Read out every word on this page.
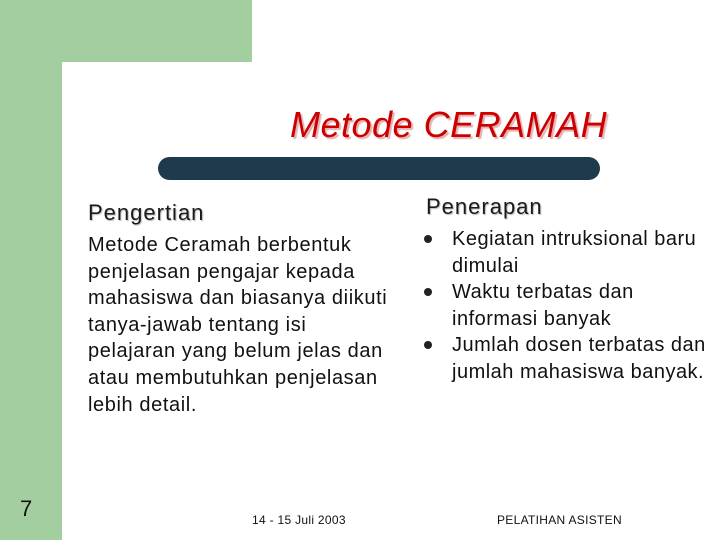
Metode CERAMAH
Pengertian

Metode Ceramah berbentuk penjelasan pengajar kepada mahasiswa dan biasanya diikuti tanya-jawab tentang isi pelajaran yang belum jelas dan atau membutuhkan penjelasan lebih detail.

Penerapan
Kegiatan intruksional baru dimulai
Waktu terbatas dan informasi banyak
Jumlah dosen terbatas dan jumlah mahasiswa banyak.
7	14 - 15 Juli 2003	PELATIHAN ASISTEN
